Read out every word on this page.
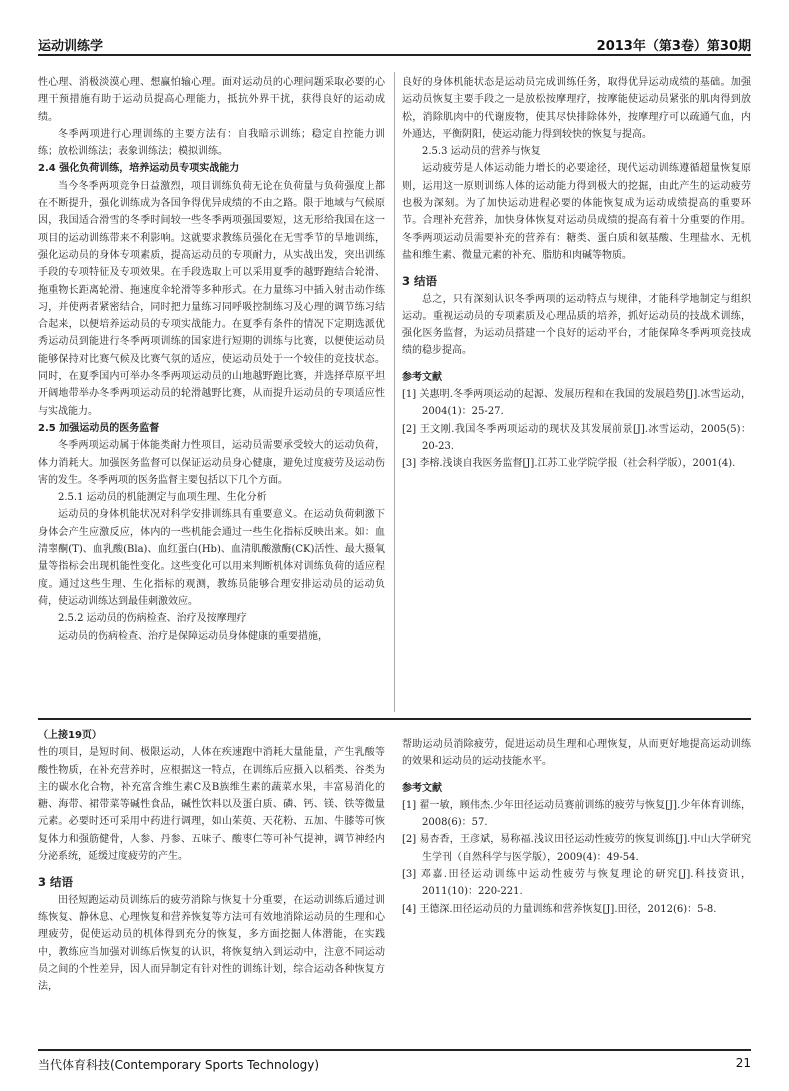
运动训练学	2013年（第3卷）第30期

性心理、消极淡漠心理、想赢怕输心理。面对运动员的心理问题采取必要的心理干预措施有助于运动员提高心理能力，抵抗外界干扰，获得良好的运动成绩。

冬季两项进行心理训练的主要方法有：自我暗示训练；稳定自控能力训练；放松训练法；表象训练法；模拟训练。

2.4 强化负荷训练，培养运动员专项实战能力

当今冬季两项竞争日益激烈，项目训练负荷无论在负荷量与负荷强度上都在不断提升，强化训练成为各国争得优异成绩的不由之路。限于地域与气候原因，我国适合滑雪的冬季时间较一些冬季两项强国要短，这无形给我国在这一项目的运动训练带来不利影响。这就要求教练员强化在无雪季节的旱地训练，强化运动员的身体专项素质，提高运动员的专项耐力，从实战出发，突出训练手段的专项特征及专项效果。在手段选取上可以采用夏季的越野跑结合轮滑、拖重物长距离轮滑、拖速度伞轮滑等多种形式。在力量练习中插入射击动作练习，并使两者紧密结合，同时把力量练习同呼吸控制练习及心理的调节练习结合起来，以便培养运动员的专项实战能力。在夏季有条件的情况下定期选派优秀运动员到能进行冬季两项训练的国家进行短期的训练与比赛，以便使运动员能够保持对比赛气候及比赛气氛的适应，使运动员处于一个较佳的竞技状态。同时，在夏季国内可举办冬季两项运动员的山地越野跑比赛，并选择草原平坦开阔地带举办冬季两项运动员的轮滑越野比赛，从而提升运动员的专项适应性与实战能力。

2.5 加强运动员的医务监督

冬季两项运动属于体能类耐力性项目，运动员需要承受较大的运动负荷，体力消耗大。加强医务监督可以保证运动员身心健康，避免过度疲劳及运动伤害的发生。冬季两项的医务监督主要包括以下几个方面。

2.5.1 运动员的机能测定与血项生理、生化分析

运动员的身体机能状况对科学安排训练具有重要意义。在运动负荷刺激下身体会产生应激反应，体内的一些机能会通过一些生化指标反映出来。如：血清睾酮(T)、血乳酸(Bla)、血红蛋白(Hb)、血清肌酸激酶(CK)活性、最大摄氧量等指标会出现机能性变化。这些变化可以用来判断机体对训练负荷的适应程度。通过这些生理、生化指标的观测，教练员能够合理安排运动员的运动负荷，使运动训练达到最佳刺激效应。

2.5.2 运动员的伤病检查、治疗及按摩理疗

运动员的伤病检查、治疗是保障运动员身体健康的重要措施，

良好的身体机能状态是运动员完成训练任务，取得优异运动成绩的基础。加强运动员恢复主要手段之一是放松按摩理疗，按摩能使运动员紧张的肌肉得到放松，消除肌肉中的代谢废物，使其尽快排除体外，按摩理疗可以疏通气血，内外通达，平衡阴阳，使运动能力得到较快的恢复与提高。

2.5.3 运动员的营养与恢复

运动疲劳是人体运动能力增长的必要途径，现代运动训练遵循超量恢复原则，运用这一原则训练人体的运动能力得到极大的挖掘，由此产生的运动疲劳也极为深刻。为了加快运动进程必要的体能恢复成为运动成绩提高的重要环节。合理补充营养，加快身体恢复对运动员成绩的提高有着十分重要的作用。冬季两项运动员需要补充的营养有：糖类、蛋白质和氨基酸、生理盐水、无机盐和维生素、微量元素的补充、脂肪和肉碱等物质。

3 结语

总之，只有深刻认识冬季两项的运动特点与规律，才能科学地制定与组织运动。重视运动员的专项素质及心理品质的培养，抓好运动员的技战术训练，强化医务监督，为运动员搭建一个良好的运动平台，才能保障冬季两项竞技成绩的稳步提高。

参考文献

[1] 关惠明.冬季两项运动的起源、发展历程和在我国的发展趋势[J].冰雪运动，2004(1)：25-27.

[2] 王文刚.我国冬季两项运动的现状及其发展前景[J].冰雪运动，2005(5)：20-23.

[3] 李榕.浅谈自我医务监督[J].江苏工业学院学报（社会科学版），2001(4).

（上接19页）

性的项目，是短时间、极限运动，人体在疾速跑中消耗大量能量，产生乳酸等酸性物质，在补充营养时，应根据这一特点，在训练后应摄入以稻类、谷类为主的碳水化合物，补充富含维生素C及B族维生素的蔬菜水果，丰富易消化的糖、海带、裙带菜等碱性食品，碱性饮料以及蛋白质、磷、钙、镁、铁等微量元素。必要时还可采用中药进行调理，如山茱萸、天花粉、五加、牛膝等可恢复体力和强筋健骨，人参、丹参、五味子、酸枣仁等可补气提神，调节神经内分泌系统，延缓过度疲劳的产生。

3 结语

田径短跑运动员训练后的疲劳消除与恢复十分重要，在运动训练后通过训练恢复、静休息、心理恢复和营养恢复等方法可有效地消除运动员的生理和心理疲劳，促使运动员的机体得到充分的恢复，多方面挖掘人体潜能，在实践中，教练应当加强对训练后恢复的认识，将恢复纳入到运动中，注意不同运动员之间的个性差异，因人而异制定有针对性的训练计划，综合运动各种恢复方法，

帮助运动员消除疲劳，促进运动员生理和心理恢复，从而更好地提高运动训练的效果和运动员的运动技能水平。

参考文献

[1] 翟一敏，顾伟杰.少年田径运动员赛前训练的疲劳与恢复[J].少年体育训练，2008(6)：57.

[2] 易杏香，王彦斌，易称福.浅议田径运动性疲劳的恢复训练[J].中山大学研究生学刊（自然科学与医学版），2009(4)：49-54.

[3] 邓嘉.田径运动训练中运动性疲劳与恢复理论的研究[J].科技资讯，2011(10)：220-221.

[4] 王德深.田径运动员的力量训练和营养恢复[J].田径，2012(6)：5-8.

当代体育科技(Contemporary Sports Technology)	21
